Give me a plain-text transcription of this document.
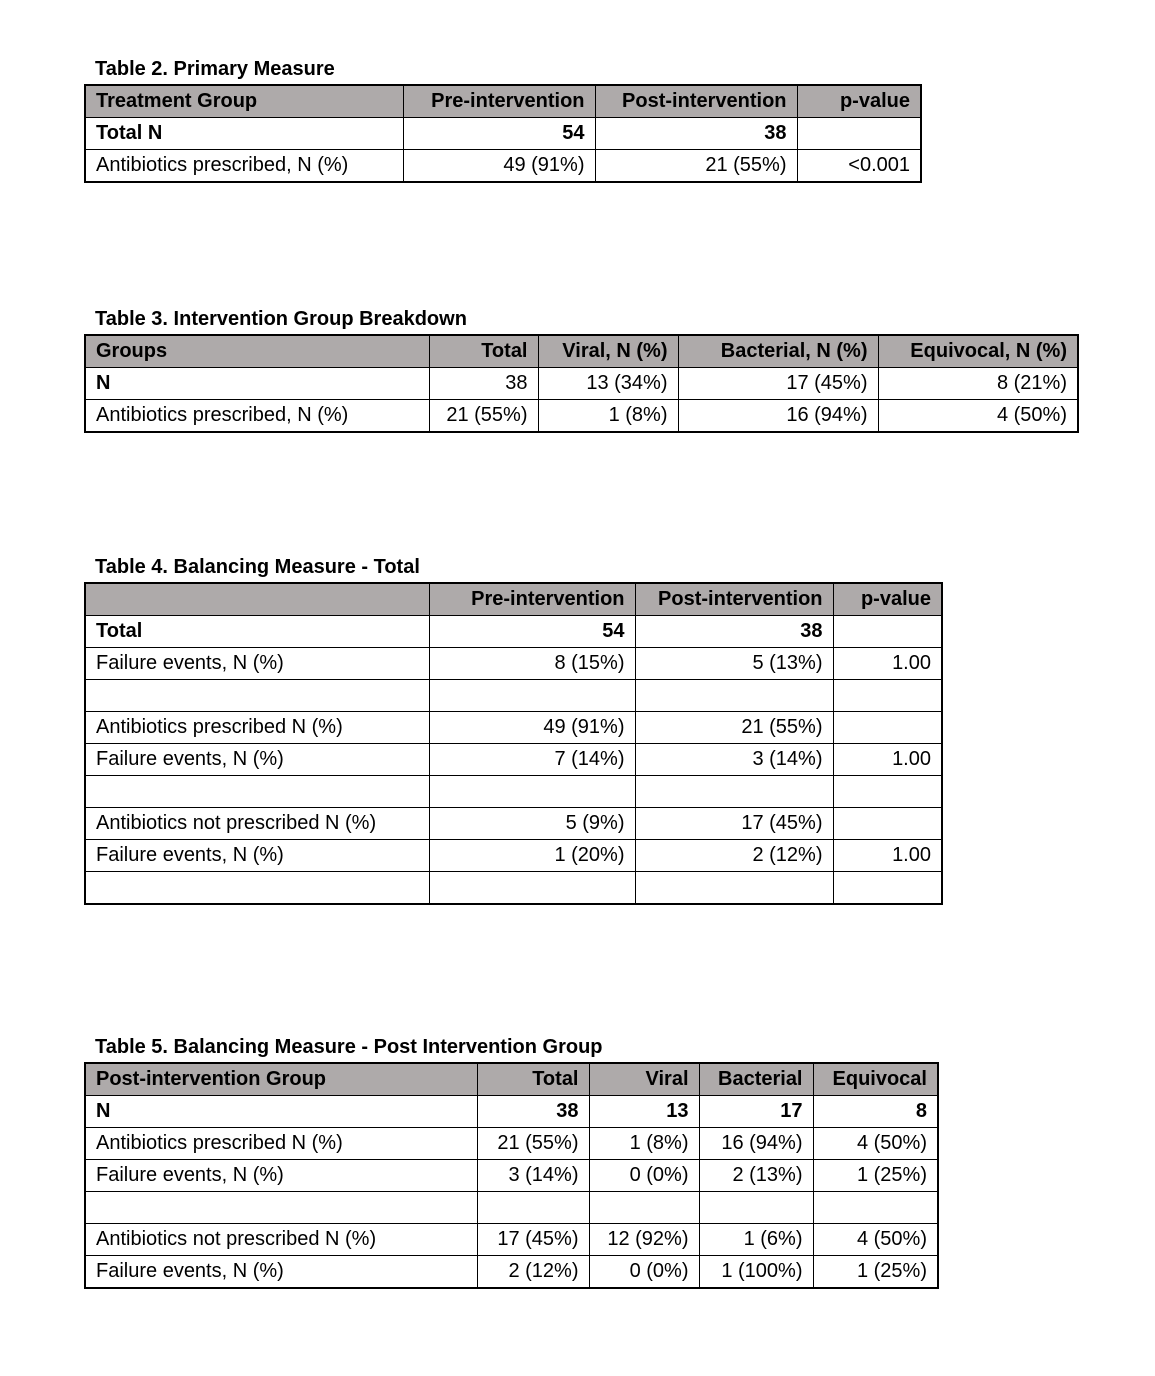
Table 2. Primary Measure
Treatment Group	Pre-intervention	Post-intervention	p-value
Total N	54	38	
Antibiotics prescribed, N (%)	49 (91%)	21 (55%)	<0.001
Table 3. Intervention Group Breakdown
Groups	Total	Viral, N (%)	Bacterial, N (%)	Equivocal, N (%)
N	38	13 (34%)	17 (45%)	8 (21%)
Antibiotics prescribed, N (%)	21 (55%)	1 (8%)	16 (94%)	4 (50%)
Table 4. Balancing Measure - Total
	Pre-intervention	Post-intervention	p-value
Total	54	38	
Failure events, N (%)	8 (15%)	5 (13%)	1.00

Antibiotics prescribed N (%)	49 (91%)	21 (55%)	
Failure events, N (%)	7 (14%)	3 (14%)	1.00

Antibiotics not prescribed N (%)	5 (9%)	17 (45%)	
Failure events, N (%)	1 (20%)	2 (12%)	1.00

Table 5. Balancing Measure - Post Intervention Group
Post-intervention Group	Total	Viral	Bacterial	Equivocal
N	38	13	17	8
Antibiotics prescribed N (%)	21 (55%)	1 (8%)	16 (94%)	4 (50%)
Failure events, N (%)	3 (14%)	0 (0%)	2 (13%)	1 (25%)

Antibiotics not prescribed N (%)	17 (45%)	12 (92%)	1 (6%)	4 (50%)
Failure events, N (%)	2 (12%)	0 (0%)	1 (100%)	1 (25%)
